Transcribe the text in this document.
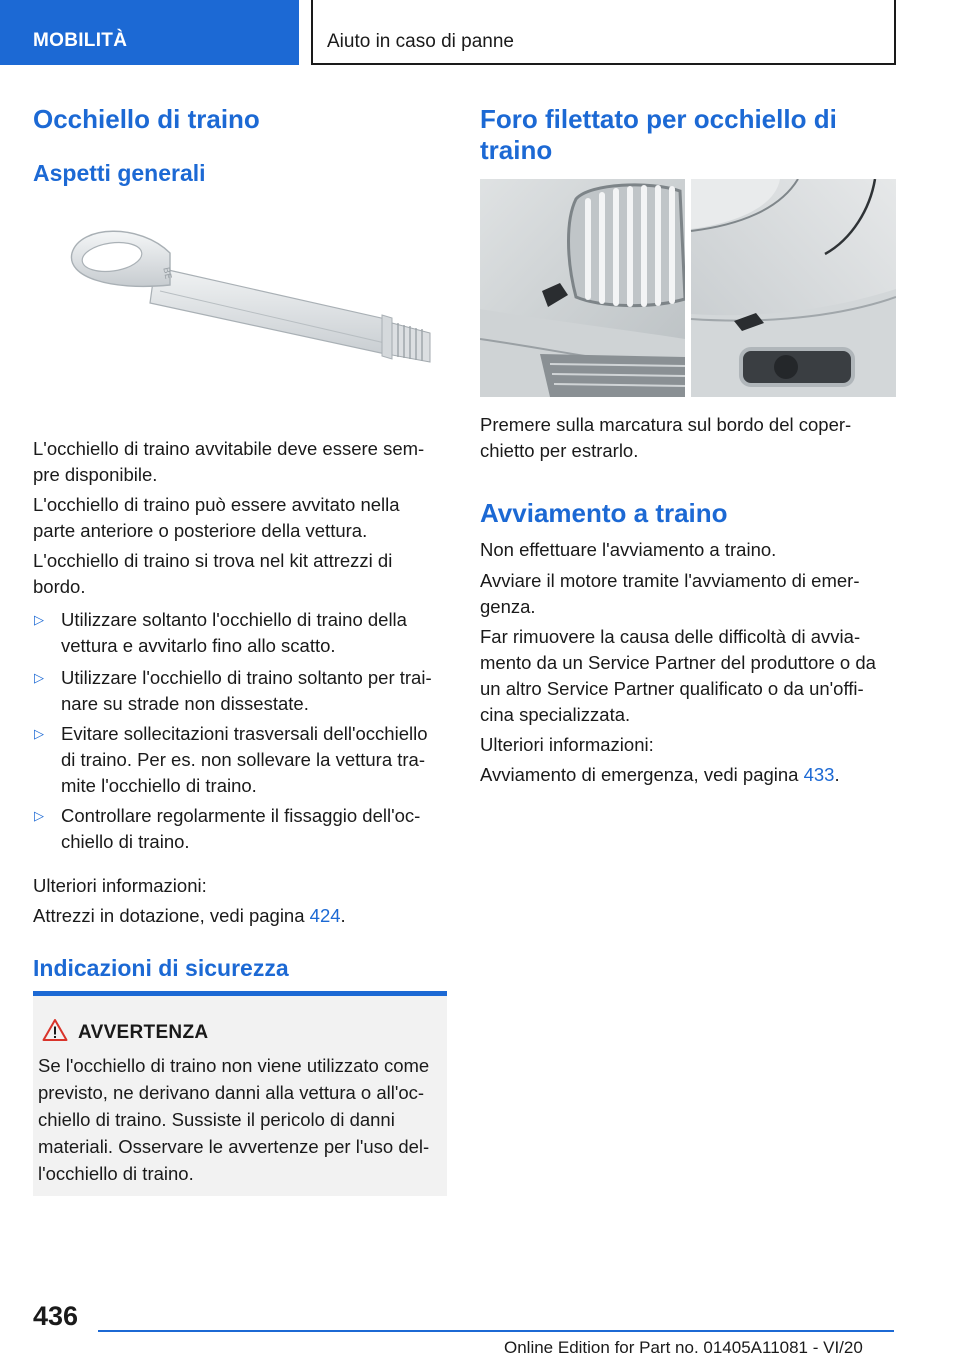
MOBILITÀ	Aiuto in caso di panne
Occhiello di traino
Aspetti generali
BE
L'occhiello di traino avvitabile deve essere sem-
pre disponibile.
L'occhiello di traino può essere avvitato nella
parte anteriore o posteriore della vettura.
L'occhiello di traino si trova nel kit attrezzi di
bordo.
▷ Utilizzare soltanto l'occhiello di traino della
vettura e avvitarlo fino allo scatto.
▷ Utilizzare l'occhiello di traino soltanto per trai-
nare su strade non dissestate.
▷ Evitare sollecitazioni trasversali dell'occhiello
di traino. Per es. non sollevare la vettura tra-
mite l'occhiello di traino.
▷ Controllare regolarmente il fissaggio dell'oc-
chiello di traino.
Ulteriori informazioni:
Attrezzi in dotazione, vedi pagina 424.
Indicazioni di sicurezza
AVVERTENZA
Se l'occhiello di traino non viene utilizzato come
previsto, ne derivano danni alla vettura o all'oc-
chiello di traino. Sussiste il pericolo di danni
materiali. Osservare le avvertenze per l'uso del-
l'occhiello di traino.
Foro filettato per occhiello di
traino
Premere sulla marcatura sul bordo del coper-
chietto per estrarlo.
Avviamento a traino
Non effettuare l'avviamento a traino.
Avviare il motore tramite l'avviamento di emer-
genza.
Far rimuovere la causa delle difficoltà di avvia-
mento da un Service Partner del produttore o da
un altro Service Partner qualificato o da un'offi-
cina specializzata.
Ulteriori informazioni:
Avviamento di emergenza, vedi pagina 433.
436
Online Edition for Part no. 01405A11081 - VI/20
